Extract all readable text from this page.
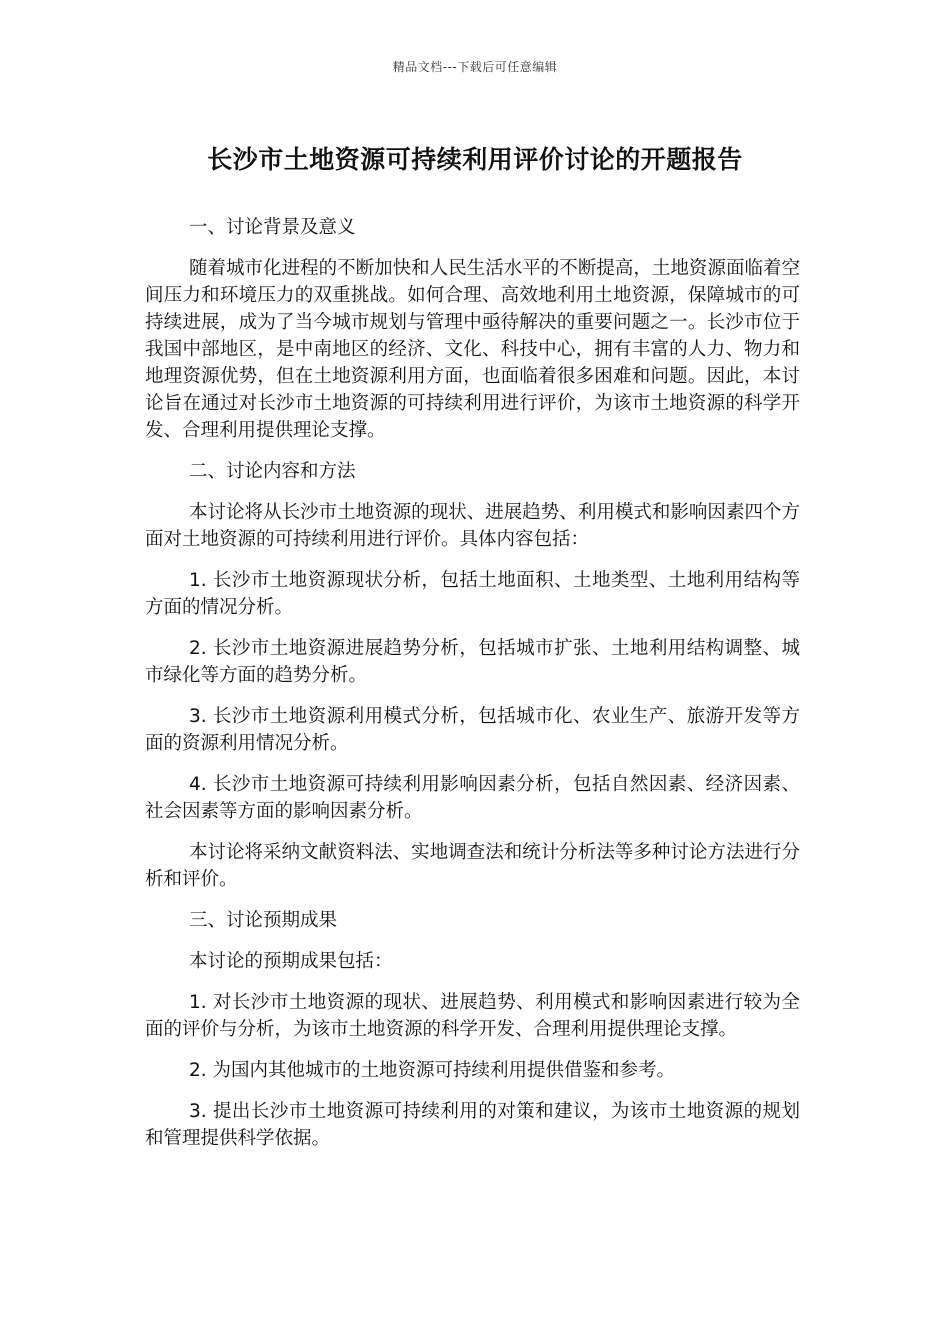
精品文档---下载后可任意编辑
长沙市土地资源可持续利用评价讨论的开题报告

一、讨论背景及意义

随着城市化进程的不断加快和人民生活水平的不断提高，土地资源面临着空间压力和环境压力的双重挑战。如何合理、高效地利用土地资源，保障城市的可持续进展，成为了当今城市规划与管理中亟待解决的重要问题之一。长沙市位于我国中部地区，是中南地区的经济、文化、科技中心，拥有丰富的人力、物力和地理资源优势，但在土地资源利用方面，也面临着很多困难和问题。因此，本讨论旨在通过对长沙市土地资源的可持续利用进行评价，为该市土地资源的科学开发、合理利用提供理论支撑。

二、讨论内容和方法

本讨论将从长沙市土地资源的现状、进展趋势、利用模式和影响因素四个方面对土地资源的可持续利用进行评价。具体内容包括：

1. 长沙市土地资源现状分析，包括土地面积、土地类型、土地利用结构等方面的情况分析。

2. 长沙市土地资源进展趋势分析，包括城市扩张、土地利用结构调整、城市绿化等方面的趋势分析。

3. 长沙市土地资源利用模式分析，包括城市化、农业生产、旅游开发等方面的资源利用情况分析。

4. 长沙市土地资源可持续利用影响因素分析，包括自然因素、经济因素、社会因素等方面的影响因素分析。

本讨论将采纳文献资料法、实地调查法和统计分析法等多种讨论方法进行分析和评价。

三、讨论预期成果

本讨论的预期成果包括：

1. 对长沙市土地资源的现状、进展趋势、利用模式和影响因素进行较为全面的评价与分析，为该市土地资源的科学开发、合理利用提供理论支撑。

2. 为国内其他城市的土地资源可持续利用提供借鉴和参考。

3. 提出长沙市土地资源可持续利用的对策和建议，为该市土地资源的规划和管理提供科学依据。
